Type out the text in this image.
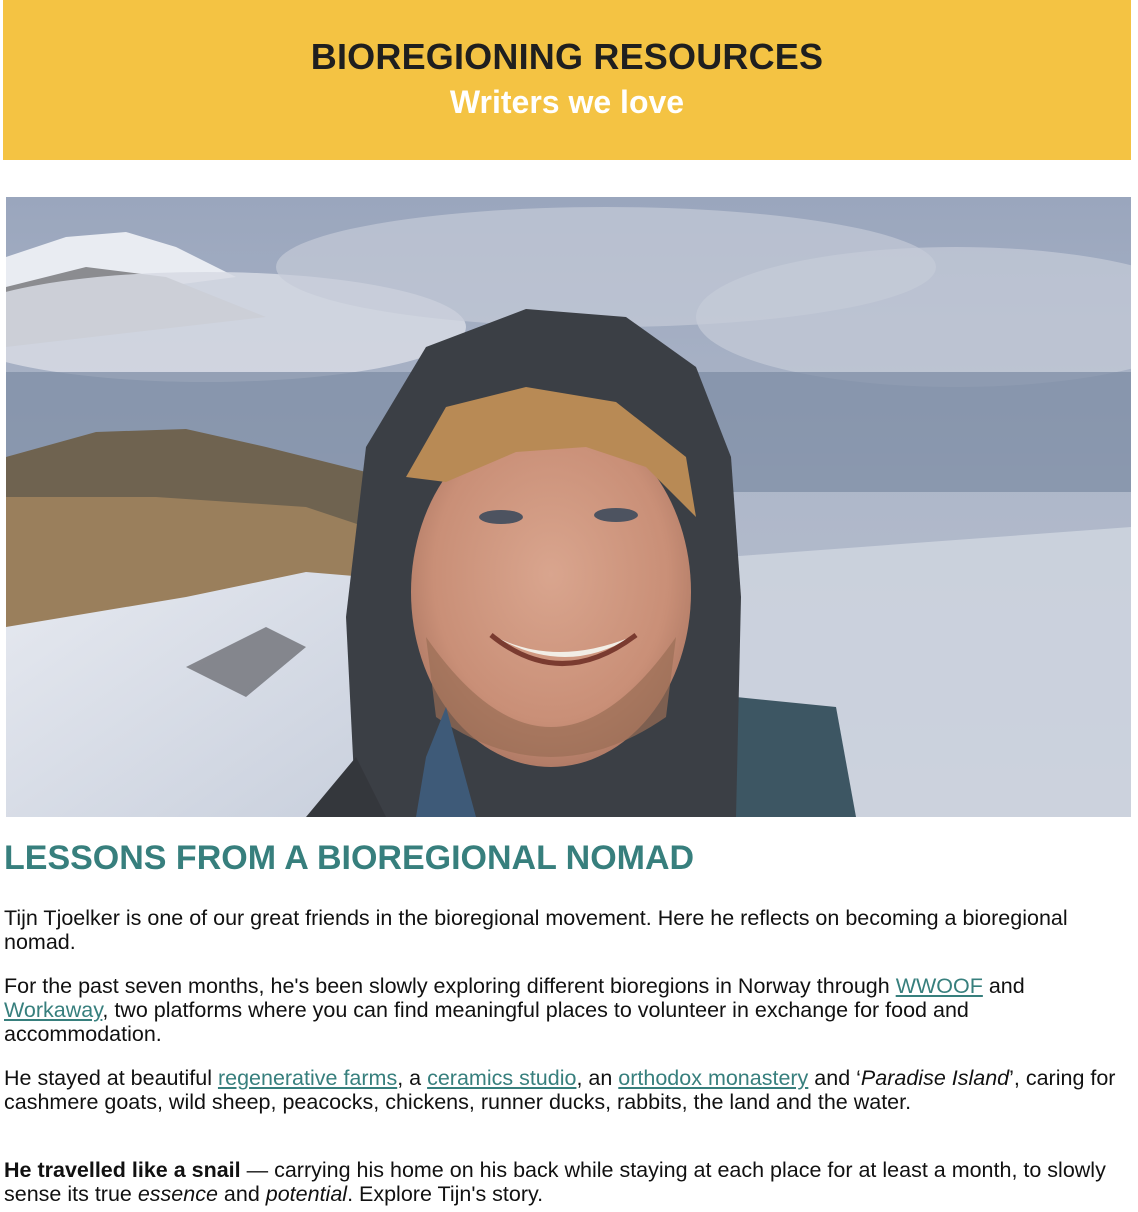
BIOREGIONING RESOURCES
Writers we love
LESSONS FROM A BIOREGIONAL NOMAD

Tijn Tjoelker is one of our great friends in the bioregional movement. Here he reflects on becoming a bioregional nomad.

For the past seven months, he's been slowly exploring different bioregions in Norway through WWOOF and Workaway, two platforms where you can find meaningful places to volunteer in exchange for food and accommodation.

He stayed at beautiful regenerative farms, a ceramics studio, an orthodox monastery and ‘Paradise Island’, caring for cashmere goats, wild sheep, peacocks, chickens, runner ducks, rabbits, the land and the water.

He travelled like a snail — carrying his home on his back while staying at each place for at least a month, to slowly sense its true essence and potential. Explore Tijn's story.
